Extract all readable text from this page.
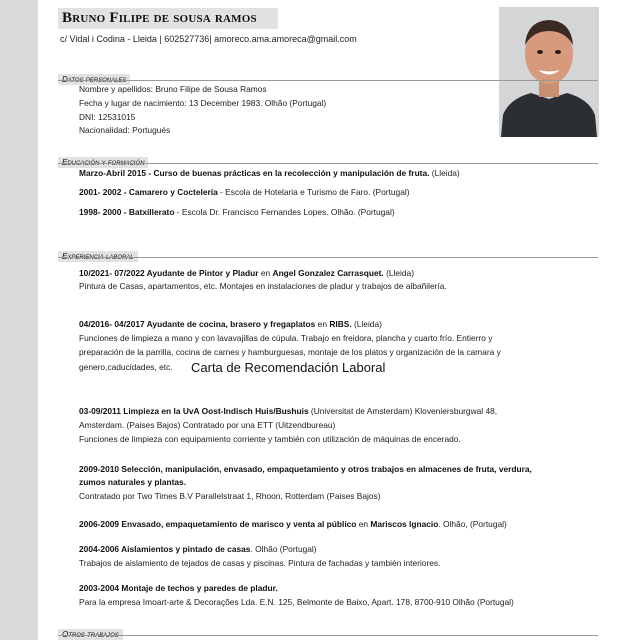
Bruno Filipe de sousa ramos
c/ Vidal i Codina - Lleida | 602527736| amoreco.ama.amoreca@gmail.com
Nombre y apellidos: Bruno Filipe de Sousa Ramos
Fecha y lugar de nacimiento: 13 December 1983. Olhão (Portugal)
DNI: 12531015
Nacionalidad: Portugués
Marzo-Abril 2015 - Curso de buenas prácticas en la recolección y manipulación de fruta. (Lleida)
2001- 2002 - Camarero y Coctelería - Escola de Hotelaria e Turismo de Faro. (Portugal)
1998- 2000 - Batxillerato - Escola Dr. Francisco Fernandes Lopes. Olhão. (Portugal)
10/2021- 07/2022 Ayudante de Pintor y Pladur en Angel Gonzalez Carrasquet. (Lleida)
Pintura de Casas, apartamentos, etc. Montajes en instalaciones de pladur y trabajos de albañilería.
04/2016- 04/2017 Ayudante de cocina, brasero y fregaplatos en RIBS. (Lleida)
Funciones de limpieza a mano y con lavavajillas de cúpula. Trabajo en freidora, plancha y cuarto frío. Entierro y
preparación de la parrilla, cocina de carnes y hamburguesas, montaje de los platos y organización de la camara y
genero,caducidades, etc. Carta de Recomendación Laboral
03-09/2011 Limpieza en la UvA Oost-Indisch Huis/Bushuis (Universitat de Amsterdam) Kloveniersburgwal 48,
Amsterdam. (Paises Bajos) Contratado por una ETT (Uitzendbureau)
Funciones de limpieza con equipamiento corriente y también con utilización de máquinas de encerado.
2009-2010 Selección, manipulación, envasado, empaquetamiento y otros trabajos en almacenes de fruta, verdura,
zumos naturales y plantas.
Contratado por Two Times B.V Parallelstraat 1, Rhoon, Rotterdam (Paises Bajos)
2006-2009 Envasado, empaquetamiento de marisco y venta al público en Mariscos Ignacio. Olhão, (Portugal)
2004-2006 Aislamientos y pintado de casas. Olhão (Portugal)
Trabajos de aislamiento de tejados de casas y piscinas. Pintura de fachadas y también interiores.
2003-2004 Montaje de techos y paredes de pladur.
Para la empresa Imoart-arte & Decorações Lda. E.N. 125, Belmonte de Baixo, Apart. 178, 8700-910 Olhão (Portugal)
